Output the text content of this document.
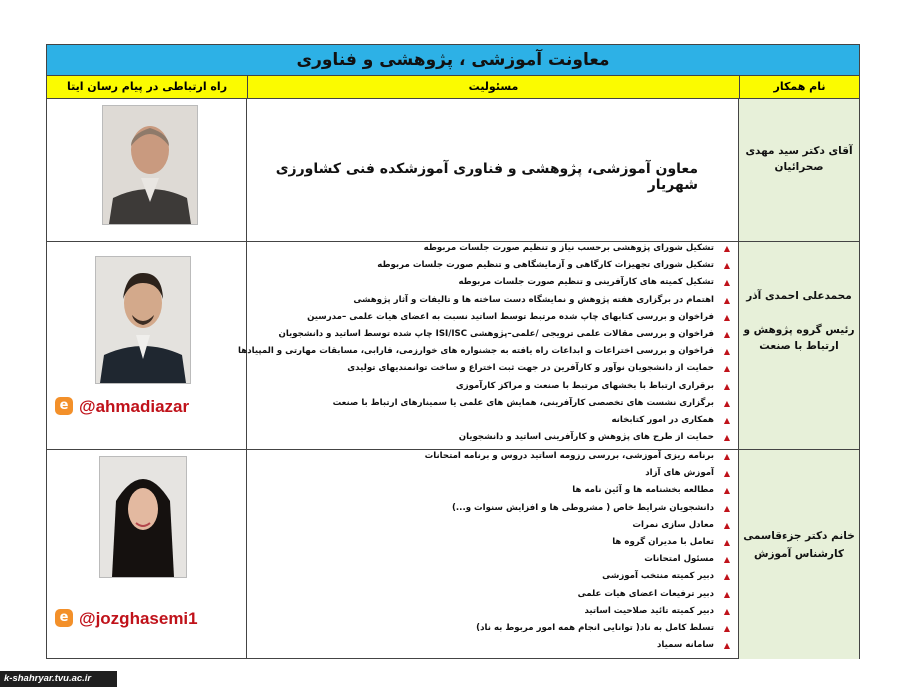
معاونت آموزشی ، پژوهشی و فناوری
راه ارتباطی در پیام رسان ایتا	مسئولیت	نام همکار
معاون آموزشی، پژوهشی و فناوری آموزشکده فنی کشاورزی شهریار
آقای دکتر سید مهدی صحرائیان
e @ahmadiazar
▲
تشکیل شورای پژوهشی برحسب نیاز و تنظیم صورت جلسات مربوطه
▲
تشکیل شورای تجهیزات کارگاهی و آزمایشگاهی و تنظیم صورت جلسات مربوطه
▲
تشکیل کمیته های کارآفرینی و تنظیم صورت جلسات مربوطه
▲
اهتمام در برگزاری هفته پژوهش و نمایشگاه دست ساخته ها و تالیفات و آثار پژوهشی
▲
فراخوان و بررسی کتابهای چاپ شده مرتبط توسط اساتید نسبت به اعضای هیات علمی –مدرسین
▲
فراخوان و بررسی مقالات علمی ترویجی /علمی–پژوهشی ISI/ISC چاپ شده توسط اساتید و دانشجویان
▲
فراخوان و بررسی اختراعات و ابداعات راه یافته به جشنواره های خوارزمی، فارابی، مسابقات مهارتی و المپیادها
▲
حمایت از دانشجویان نوآور و کارآفرین در جهت ثبت اختراع و ساخت توانمندیهای تولیدی
▲
برقراری ارتباط با بخشهای مرتبط با صنعت و مراکز کارآموزی
▲
برگزاری نشست های تخصصی کارآفرینی، همایش های علمی یا سمینارهای ارتباط با صنعت
▲
همکاری در امور کتابخانه
▲
حمایت از طرح های پژوهش و کارآفرینی اساتید و دانشجویان
محمدعلی احمدی آذر
رئیس گروه پژوهش و ارتباط با صنعت
e @jozghasemi1
▲
برنامه ریزی آموزشی، بررسی رزومه اساتید دروس و برنامه امتحانات
▲
آموزش های آزاد
▲
مطالعه بخشنامه ها و آئین نامه ها
▲
دانشجویان شرایط خاص ( مشروطی ها و افزایش سنوات و...)
▲
معادل سازی نمرات
▲
تعامل با مدیران گروه ها
▲
مسئول امتحانات
▲
دبیر کمیته منتخب آموزشی
▲
دبیر ترفیعات اعضای هیات علمی
▲
دبیر کمیته تائید صلاحیت اساتید
▲
تسلط کامل به ناد( توانایی انجام همه امور مربوط به ناد)
▲
سامانه سمیاد
خانم دکتر جزءقاسمی
کارشناس آموزش
k-shahryar.tvu.ac.ir
